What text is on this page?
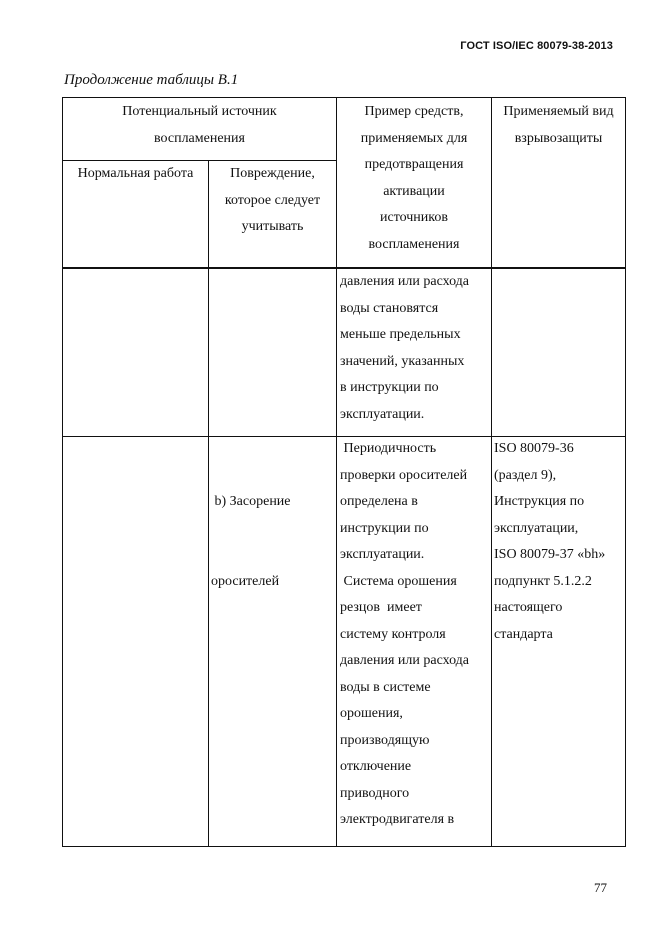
ГОСТ ISO/IEC 80079-38-2013
Продолжение таблицы В.1
Потенциальный источник
воспламенения
Нормальная работа	Повреждение,
которое следует
учитывать
Пример средств,
применяемых для
предотвращения
активации
источников
воспламенения
Применяемый вид
взрывозащиты
давления или расхода
воды становятся
меньше предельных
значений, указанных
в инструкции по
эксплуатации.

b) Засорение

оросителей

Периодичность
проверки оросителей
определена в
инструкции по
эксплуатации.
Система орошения
резцов  имеет
систему контроля
давления или расхода
воды в системе
орошения,
производящую
отключение
приводного
электродвигателя в
ISO 80079-36
(раздел 9),
Инструкция по
эксплуатации,
ISO 80079-37 «bh»
подпункт 5.1.2.2
настоящего
стандарта
77
